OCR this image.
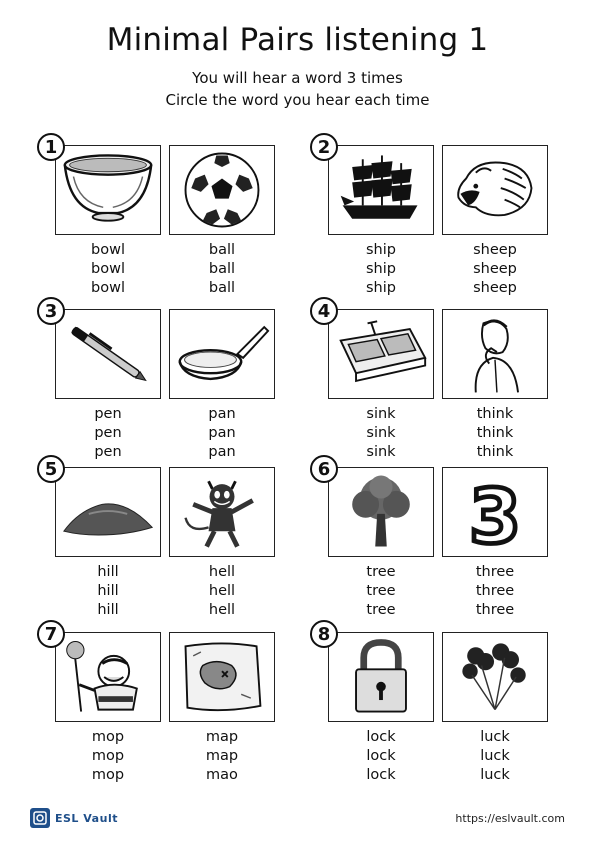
Minimal Pairs listening 1
You will hear a word 3 times
Circle the word you hear each time
1
bowl
bowl
bowl
ball
ball
ball
2
ship
ship
ship
sheep
sheep
sheep
3
pen
pen
pen
pan
pan
pan
4
sink
sink
sink
think
think
think
5
hill
hill
hill
hell
hell
hell
6
3
tree
tree
tree
three
three
three
7
mop
mop
mop
map
map
mao
8
lock
lock
lock
luck
luck
luck
ESL Vault	https://eslvault.com
